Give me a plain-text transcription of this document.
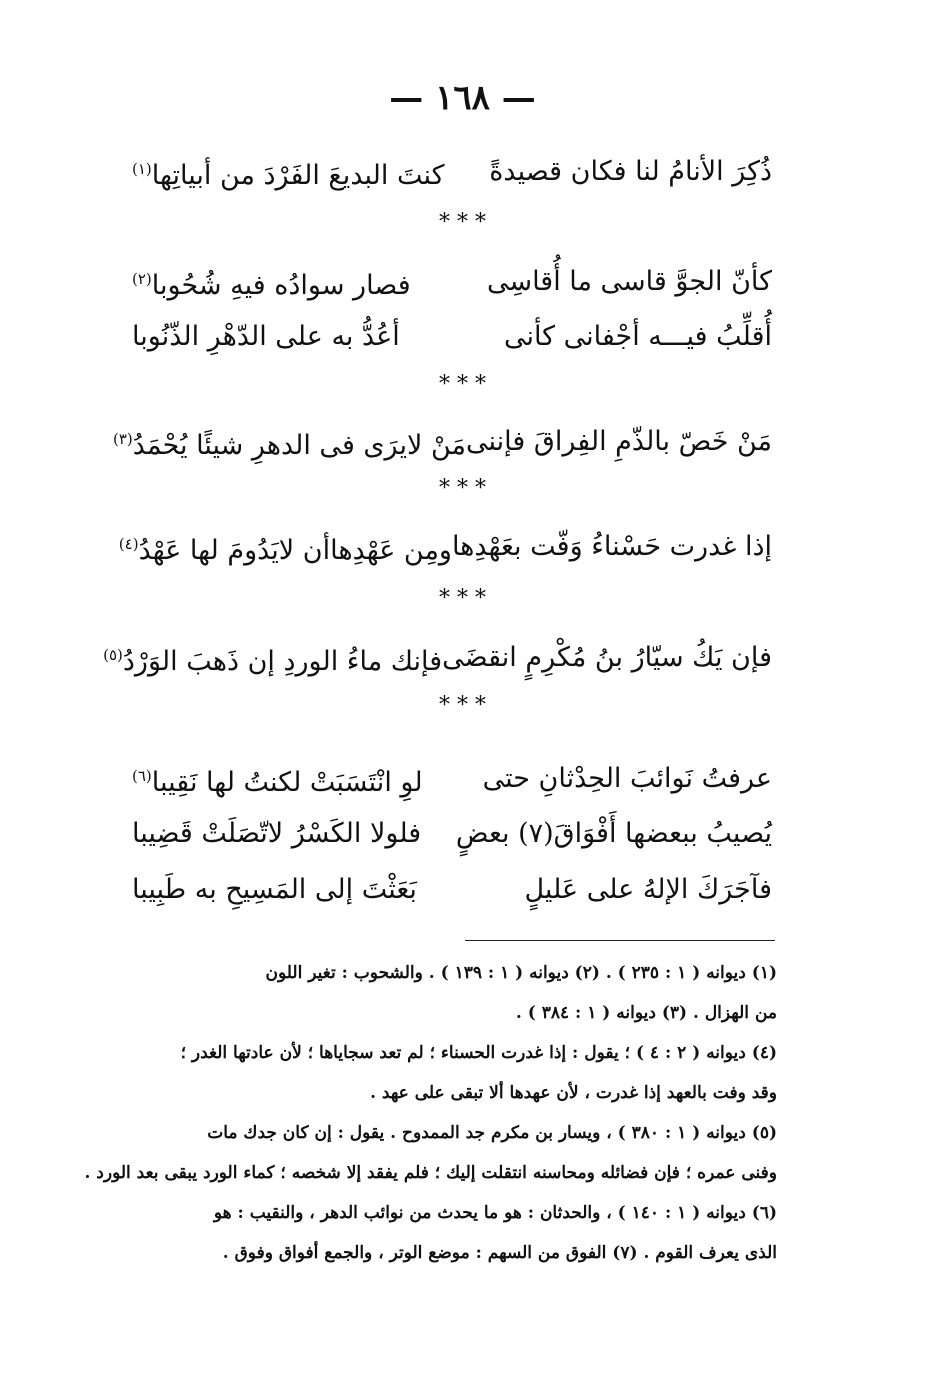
— ١٦٨ —
ذُكِرَ الأنامُ لنا فكان قصيدةً
كنتَ البديعَ الفَرْدَ من أبياتِها$^{(١)}$
* * *
كأنّ الجوَّ قاسى ما أُقاسِى
فصار سوادُه فيهِ شُحُوبا$^{(٢)}$
أُقلِّبُ فيـــه أجْفانى كأنى
أعُدُّ به على الدّهْرِ الذّنُوبا
* * *
مَنْ خَصّ بالذّمِ الفِراقَ فإننى
مَنْ لايرَى فى الدهرِ شيئًا يُحْمَدُ$^{(٣)}$
* * *
إذا غدرت حَسْناءُ وَفّت بعَهْدِها
ومِن عَهْدِهاأن لايَدُومَ لها عَهْدُ$^{(٤)}$
* * *
فإن يَكُ سيّارُ بنُ مُكْرِمٍ انقضَى
فإنك ماءُ الوردِ إن ذَهبَ الوَرْدُ$^{(٥)}$
* * *
عرفتُ نَوائبَ الحِدْثانِ حتى
لوِ انْتَسَبَتْ لكنتُ لها نَقِيبا$^{(٦)}$
يُصيبُ ببعضها أَفْوَاقَ(٧) بعضٍ
فلولا الكَسْرُ لاتّصَلَتْ قَضِيبا
فآجَرَكَ الإلهُ على عَليلٍ
بَعَثْتَ إلى المَسِيحِ به طَبِيبا
(١) ديوانه ( ١ : ٢٣٥ ) . (٢) ديوانه ( ١ : ١٣٩ ) . والشحوب : تغير اللون
من الهزال . (٣) ديوانه ( ١ : ٣٨٤ ) .
(٤) ديوانه ( ٢ : ٤ ) ؛ يقول : إذا غدرت الحسناء ؛ لم تعد سجاياها ؛ لأن عادتها الغدر ؛
وقد وفت بالعهد إذا غدرت ، لأن عهدها ألا تبقى على عهد .
(٥) ديوانه ( ١ : ٣٨٠ ) ، ويسار بن مكرم جد الممدوح . يقول : إن كان جدك مات
وفنى عمره ؛ فإن فضائله ومحاسنه انتقلت إليك ؛ فلم يفقد إلا شخصه ؛ كماء الورد يبقى بعد الورد .
(٦) ديوانه ( ١ : ١٤٠ ) ، والحدثان : هو ما يحدث من نوائب الدهر ، والنقيب : هو
الذى يعرف القوم . (٧) الفوق من السهم : موضع الوتر ، والجمع أفواق وفوق .
